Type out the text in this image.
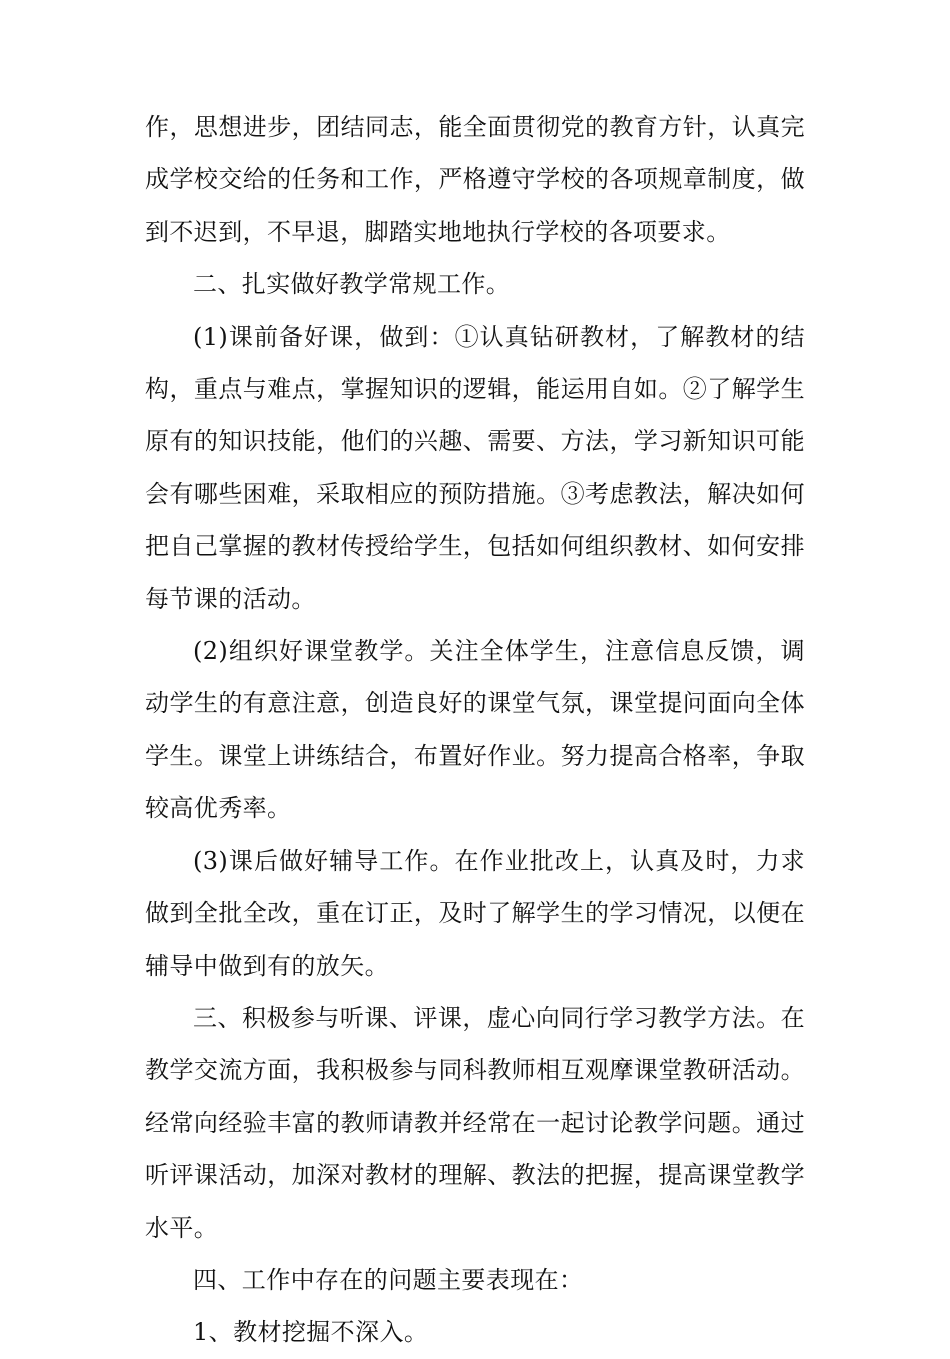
作，思想进步，团结同志，能全面贯彻党的教育方针，认真完成学校交给的任务和工作，严格遵守学校的各项规章制度，做到不迟到，不早退，脚踏实地地执行学校的各项要求。

二、扎实做好教学常规工作。

(1)课前备好课，做到：①认真钻研教材，了解教材的结构，重点与难点，掌握知识的逻辑，能运用自如。②了解学生原有的知识技能，他们的兴趣、需要、方法，学习新知识可能会有哪些困难，采取相应的预防措施。③考虑教法，解决如何把自己掌握的教材传授给学生，包括如何组织教材、如何安排每节课的活动。

(2)组织好课堂教学。关注全体学生，注意信息反馈，调动学生的有意注意，创造良好的课堂气氛，课堂提问面向全体学生。课堂上讲练结合，布置好作业。努力提高合格率，争取较高优秀率。

(3)课后做好辅导工作。在作业批改上，认真及时，力求做到全批全改，重在订正，及时了解学生的学习情况，以便在辅导中做到有的放矢。

三、积极参与听课、评课，虚心向同行学习教学方法。在教学交流方面，我积极参与同科教师相互观摩课堂教研活动。经常向经验丰富的教师请教并经常在一起讨论教学问题。通过听评课活动，加深对教材的理解、教法的把握，提高课堂教学水平。

四、工作中存在的问题主要表现在：

1、教材挖掘不深入。
